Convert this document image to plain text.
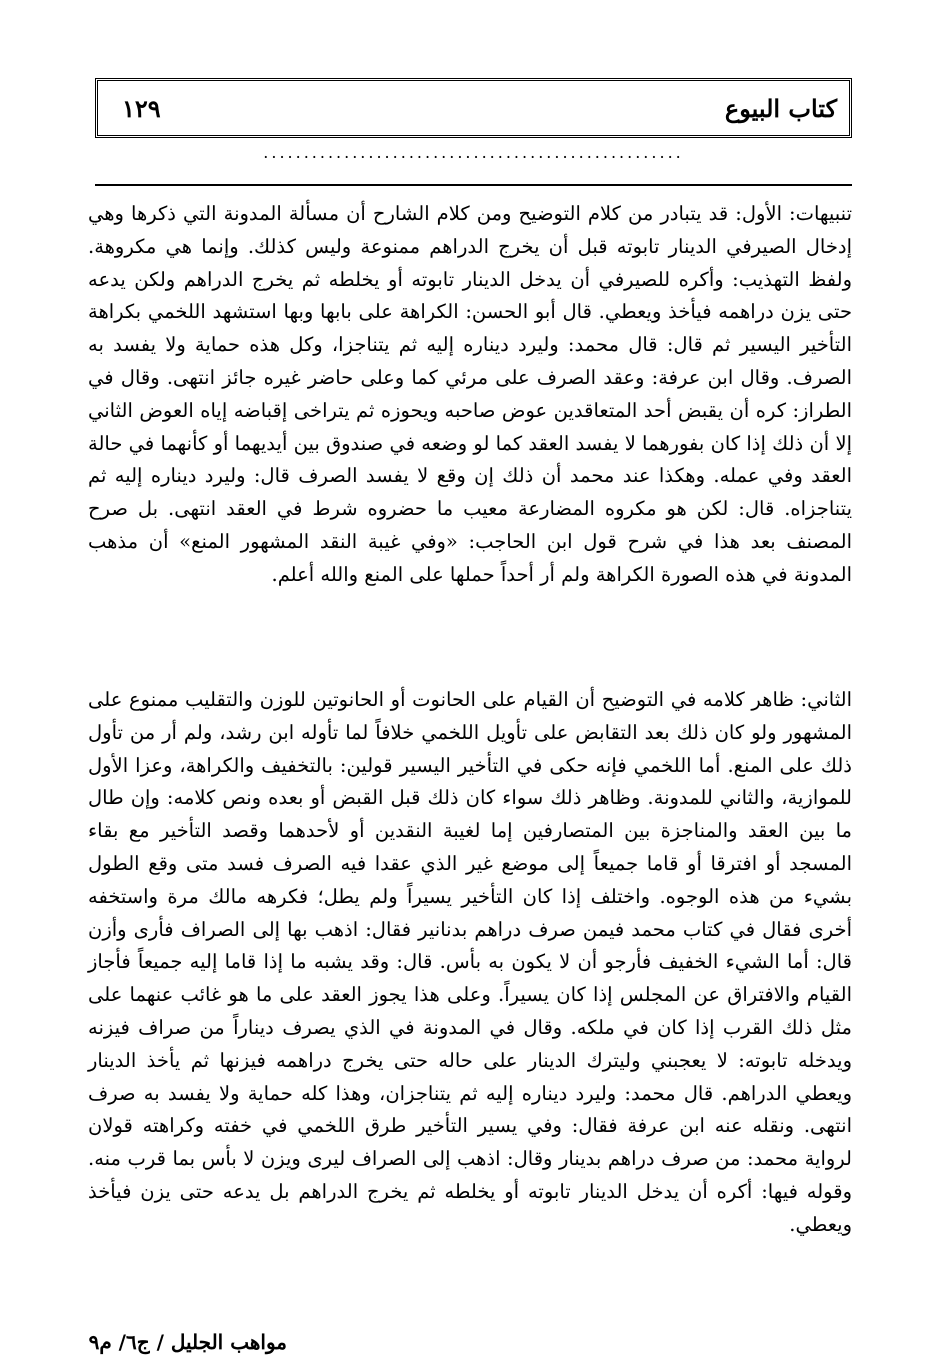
كتاب البيوع
١٢٩
....................................................

تنبيهات: الأول: قد يتبادر من كلام التوضيح ومن كلام الشارح أن مسألة المدونة التي ذكرها وهي إدخال الصيرفي الدينار تابوته قبل أن يخرج الدراهم ممنوعة وليس كذلك. وإنما هي مكروهة. ولفظ التهذيب: وأكره للصيرفي أن يدخل الدينار تابوته أو يخلطه ثم يخرج الدراهم ولكن يدعه حتى يزن دراهمه فيأخذ ويعطي. قال أبو الحسن: الكراهة على بابها وبها استشهد اللخمي بكراهة التأخير اليسير ثم قال: قال محمد: وليرد ديناره إليه ثم يتناجزا، وكل هذه حماية ولا يفسد به الصرف. وقال ابن عرفة: وعقد الصرف على مرئي كما وعلى حاضر غيره جائز انتهى. وقال في الطراز: كره أن يقبض أحد المتعاقدين عوض صاحبه ويحوزه ثم يتراخى إقباضه إياه العوض الثاني إلا أن ذلك إذا كان بفورهما لا يفسد العقد كما لو وضعه في صندوق بين أيديهما أو كأنهما في حالة العقد وفي عمله. وهكذا عند محمد أن ذلك إن وقع لا يفسد الصرف قال: وليرد ديناره إليه ثم يتناجزاه. قال: لكن هو مكروه المضارعة معيب ما حضروه شرط في العقد انتهى. بل صرح المصنف بعد هذا في شرح قول ابن الحاجب: «وفي غيبة النقد المشهور المنع» أن مذهب المدونة في هذه الصورة الكراهة ولم أر أحداً حملها على المنع والله أعلم.

الثاني: ظاهر كلامه في التوضيح أن القيام على الحانوت أو الحانوتين للوزن والتقليب ممنوع على المشهور ولو كان ذلك بعد التقابض على تأويل اللخمي خلافاً لما تأوله ابن رشد، ولم أر من تأول ذلك على المنع. أما اللخمي فإنه حكى في التأخير اليسير قولين: بالتخفيف والكراهة، وعزا الأول للموازية، والثاني للمدونة. وظاهر ذلك سواء كان ذلك قبل القبض أو بعده ونص كلامه: وإن طال ما بين العقد والمناجزة بين المتصارفين إما لغيبة النقدين أو لأحدهما وقصد التأخير مع بقاء المسجد أو افترقا أو قاما جميعاً إلى موضع غير الذي عقدا فيه الصرف فسد متى وقع الطول بشيء من هذه الوجوه. واختلف إذا كان التأخير يسيراً ولم يطل؛ فكرهه مالك مرة واستخفه أخرى فقال في كتاب محمد فيمن صرف دراهم بدنانير فقال: اذهب بها إلى الصراف فأرى وأزن قال: أما الشيء الخفيف فأرجو أن لا يكون به بأس. قال: وقد يشبه ما إذا قاما إليه جميعاً فأجاز القيام والافتراق عن المجلس إذا كان يسيراً. وعلى هذا يجوز العقد على ما هو غائب عنهما على مثل ذلك القرب إذا كان في ملكه. وقال في المدونة في الذي يصرف ديناراً من صراف فيزنه ويدخله تابوته: لا يعجبني وليترك الدينار على حاله حتى يخرج دراهمه فيزنها ثم يأخذ الدينار ويعطي الدراهم. قال محمد: وليرد ديناره إليه ثم يتناجزان، وهذا كله حماية ولا يفسد به صرف انتهى. ونقله عنه ابن عرفة فقال: وفي يسير التأخير طرق اللخمي في خفته وكراهته قولان لرواية محمد: من صرف دراهم بدينار وقال: اذهب إلى الصراف ليرى ويزن لا بأس بما قرب منه. وقوله فيها: أكره أن يدخل الدينار تابوته أو يخلطه ثم يخرج الدراهم بل يدعه حتى يزن فيأخذ ويعطي.

مواهب الجليل / ج٦/ م٩
